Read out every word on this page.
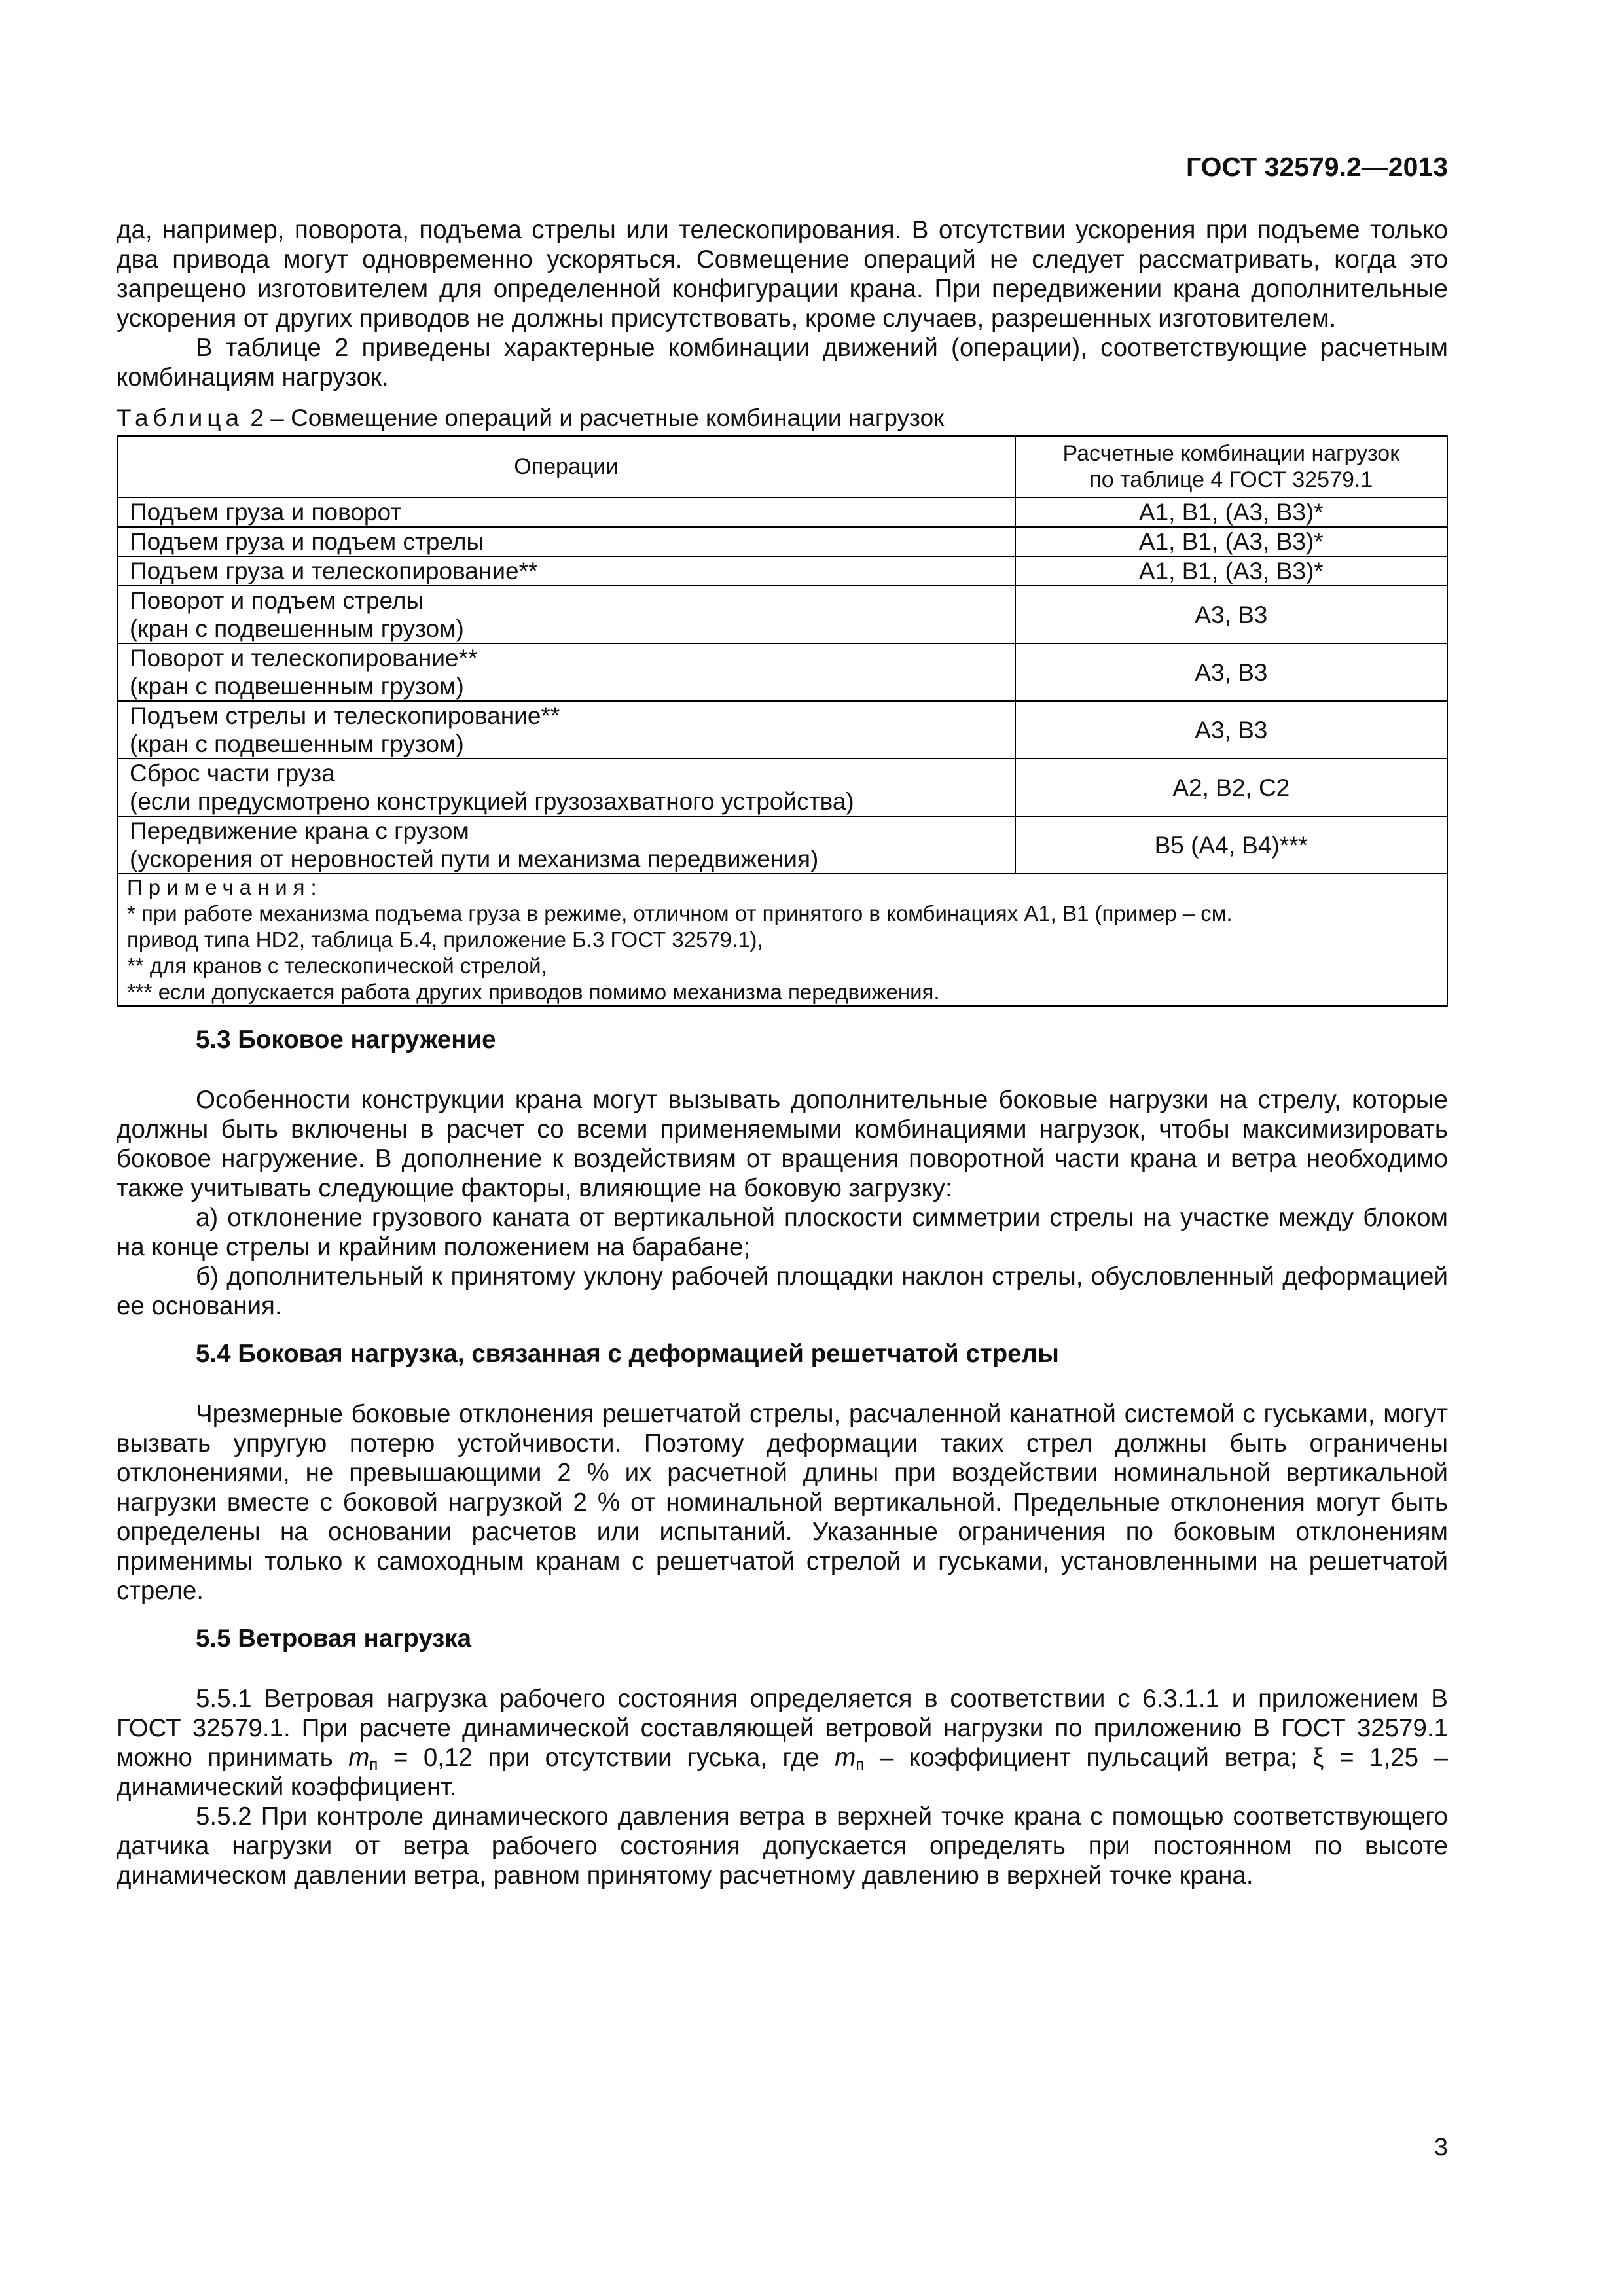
ГОСТ 32579.2—2013

да, например, поворота, подъема стрелы или телескопирования. В отсутствии ускорения при подъеме только два привода могут одновременно ускоряться. Совмещение операций не следует рассматривать, когда это запрещено изготовителем для определенной конфигурации крана. При передвижении крана дополнительные ускорения от других приводов не должны присутствовать, кроме случаев, разрешенных изготовителем.

В таблице 2 приведены характерные комбинации движений (операции), соответствующие расчетным комбинациям нагрузок.

Таблица 2 – Совмещение операций и расчетные комбинации нагрузок
Операции	Расчетные комбинации нагрузок
по таблице 4 ГОСТ 32579.1
Подъем груза и поворот	A1, B1, (A3, B3)*
Подъем груза и подъем стрелы	A1, B1, (A3, B3)*
Подъем груза и телескопирование**	A1, B1, (A3, B3)*
Поворот и подъем стрелы
(кран с подвешенным грузом)	A3, B3
Поворот и телескопирование**
(кран с подвешенным грузом)	A3, B3
Подъем стрелы и телескопирование**
(кран с подвешенным грузом)	A3, B3
Сброс части груза
(если предусмотрено конструкцией грузозахватного устройства)	A2, B2, C2
Передвижение крана с грузом
(ускорения от неровностей пути и механизма передвижения)	B5 (A4, B4)***

Примечания:
* при работе механизма подъема груза в режиме, отличном от принятого в комбинациях A1, B1 (пример – см.
привод типа HD2, таблица Б.4, приложение Б.3 ГОСТ 32579.1),
** для кранов с телескопической стрелой,
*** если допускается работа других приводов помимо механизма передвижения.	
5.3 Боковое нагружение

Особенности конструкции крана могут вызывать дополнительные боковые нагрузки на стрелу, которые должны быть включены в расчет со всеми применяемыми комбинациями нагрузок, чтобы максимизировать боковое нагружение. В дополнение к воздействиям от вращения поворотной части крана и ветра необходимо также учитывать следующие факторы, влияющие на боковую загрузку:

а) отклонение грузового каната от вертикальной плоскости симметрии стрелы на участке между блоком на конце стрелы и крайним положением на барабане;

б) дополнительный к принятому уклону рабочей площадки наклон стрелы, обусловленный деформацией ее основания.

5.4 Боковая нагрузка, связанная с деформацией решетчатой стрелы

Чрезмерные боковые отклонения решетчатой стрелы, расчаленной канатной системой с гуськами, могут вызвать упругую потерю устойчивости. Поэтому деформации таких стрел должны быть ограничены отклонениями, не превышающими 2 % их расчетной длины при воздействии номинальной вертикальной нагрузки вместе с боковой нагрузкой 2 % от номинальной вертикальной. Предельные отклонения могут быть определены на основании расчетов или испытаний. Указанные ограничения по боковым отклонениям применимы только к самоходным кранам с решетчатой стрелой и гуськами, установленными на решетчатой стреле.

5.5 Ветровая нагрузка

5.5.1 Ветровая нагрузка рабочего состояния определяется в соответствии с 6.3.1.1 и приложением В ГОСТ 32579.1. При расчете динамической составляющей ветровой нагрузки по приложению В ГОСТ 32579.1 можно принимать $m_п = 0,12$ при отсутствии гуська, где $m_п$ – коэффициент пульсаций ветра; ξ = 1,25 – динамический коэффициент.

5.5.2 При контроле динамического давления ветра в верхней точке крана с помощью соответствующего датчика нагрузки от ветра рабочего состояния допускается определять при постоянном по высоте динамическом давлении ветра, равном принятому расчетному давлению в верхней точке крана.

3
